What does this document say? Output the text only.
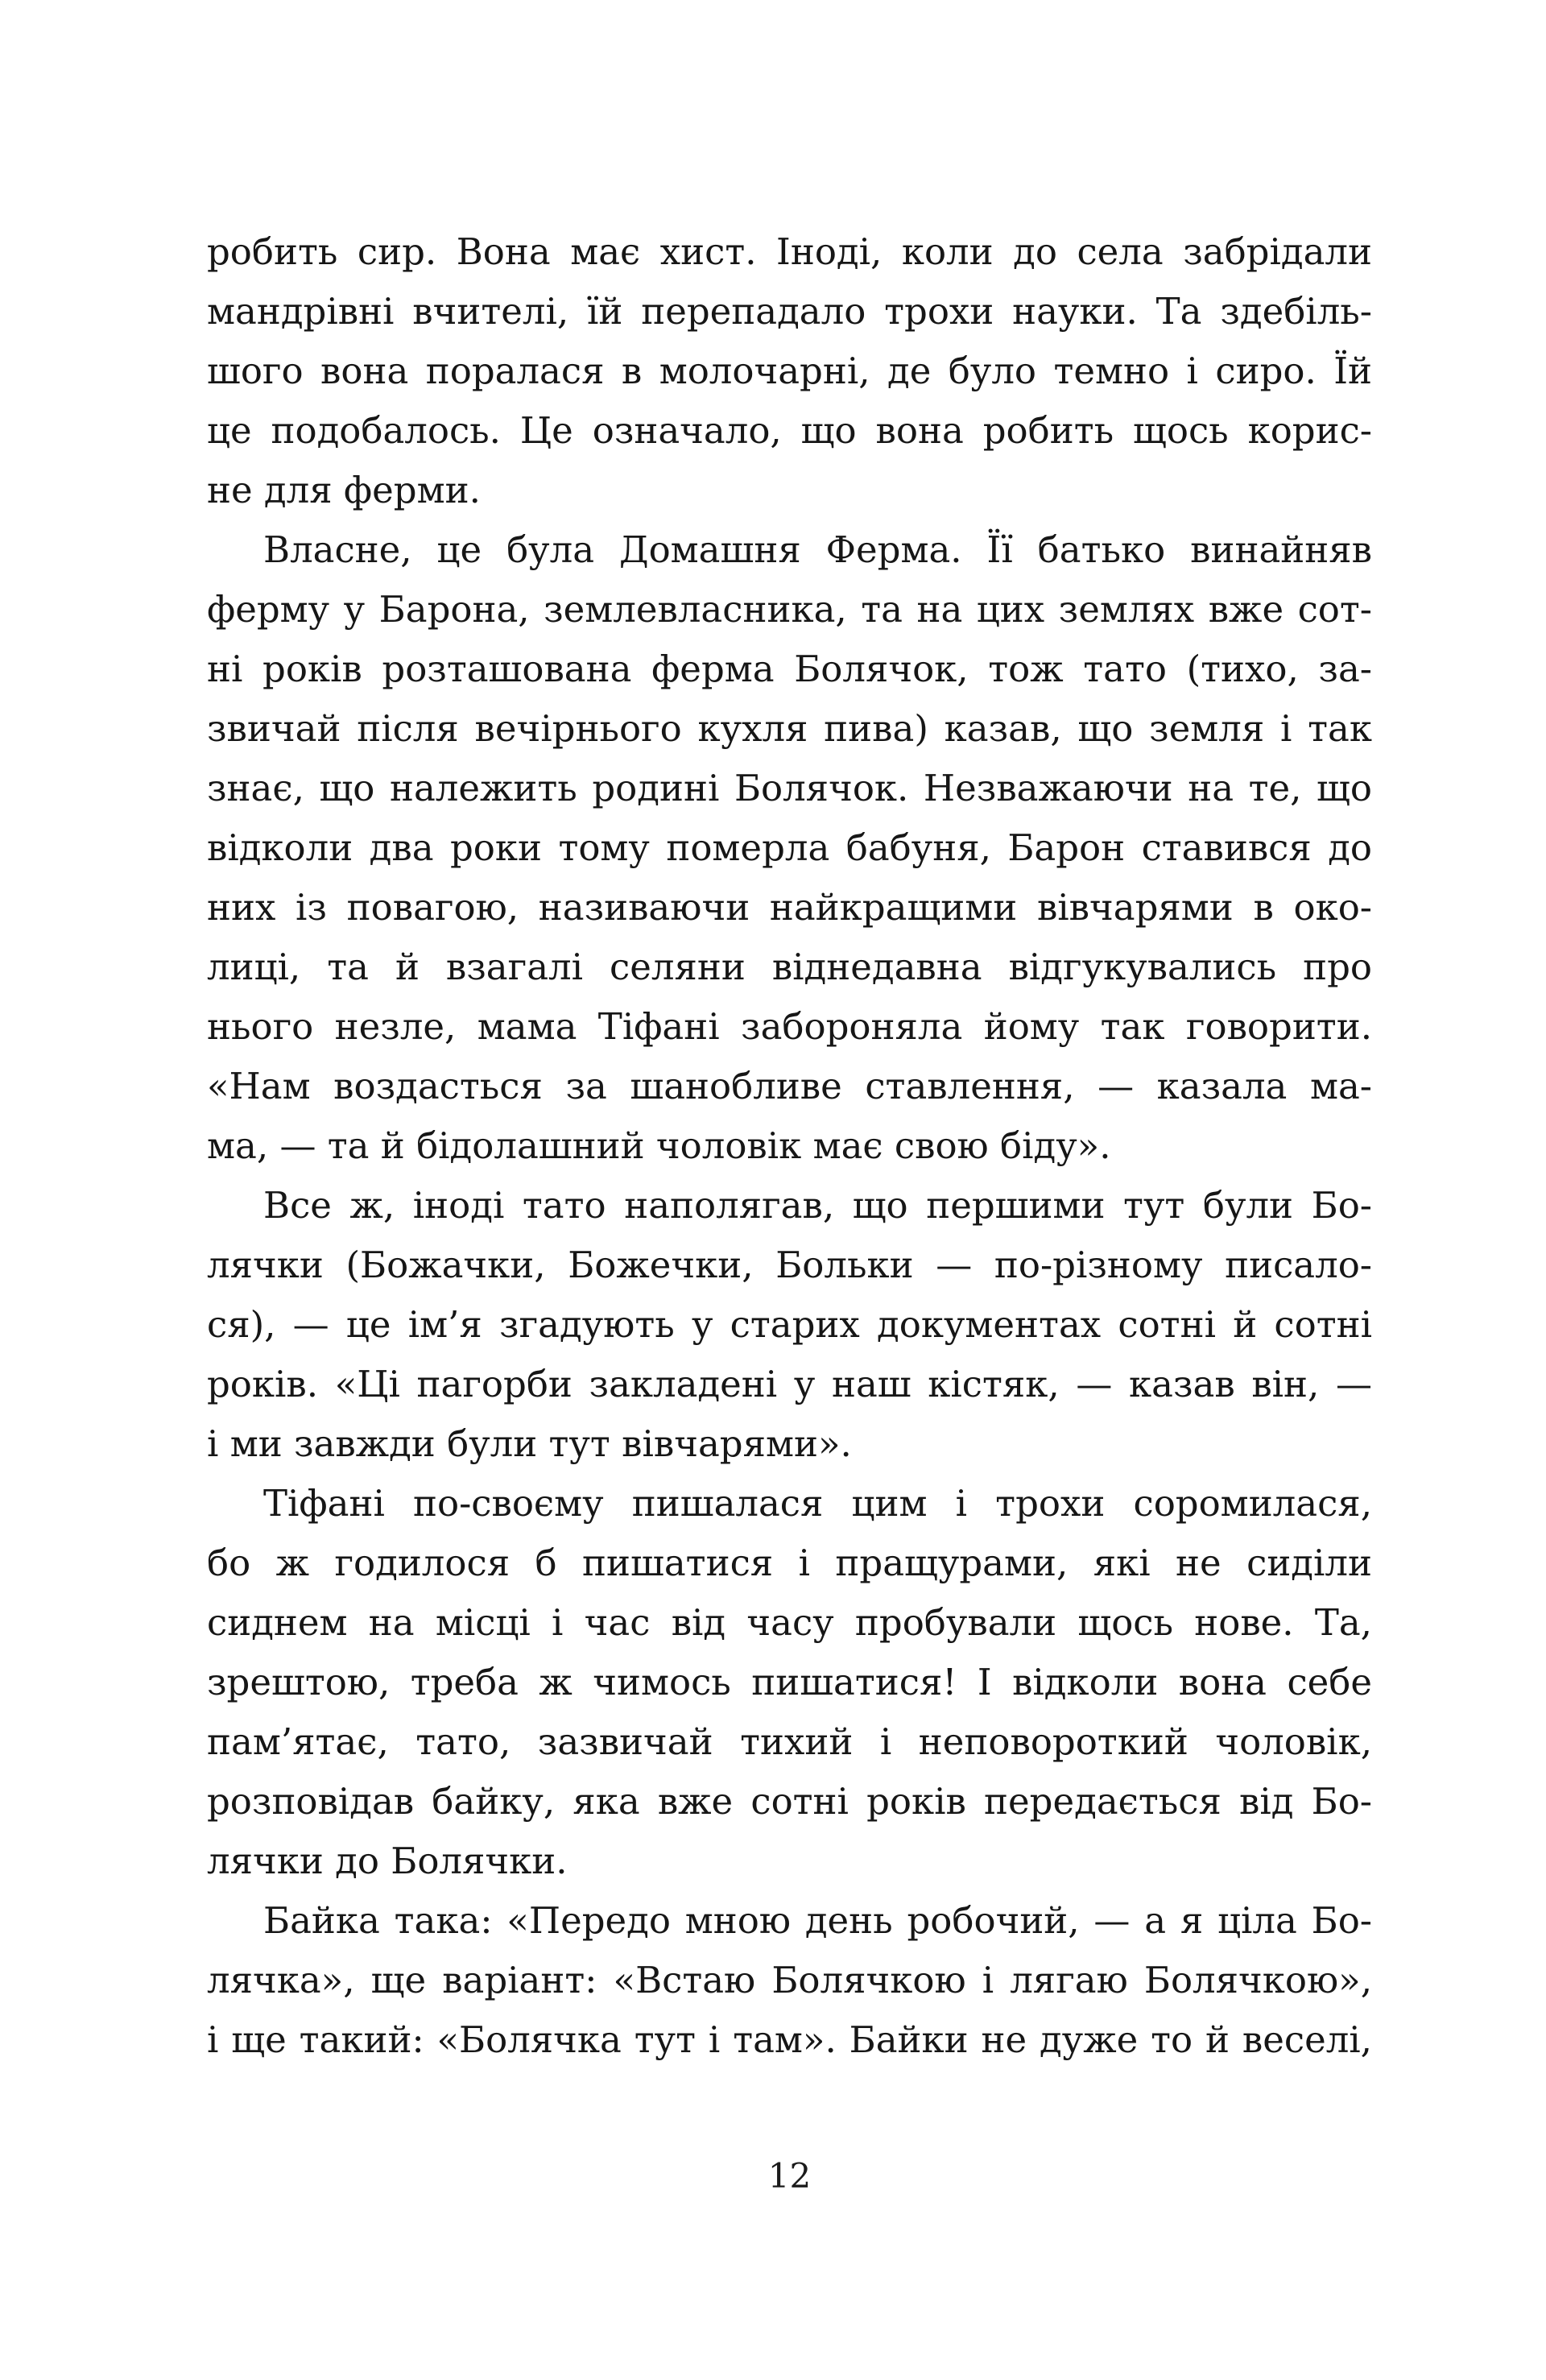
робить сир. Вона має хист. Іноді, коли до села забрідали
мандрівні вчителі, їй перепадало трохи науки. Та здебіль-
шого вона поралася в молочарні, де було темно і сиро. Їй
це подобалось. Це означало, що вона робить щось корис-
не для ферми.
Власне, це була Домашня Ферма. Її батько винайняв
ферму у Барона, землевласника, та на цих землях вже сот-
ні років розташована ферма Болячок, тож тато (тихо, за-
звичай після вечірнього кухля пива) казав, що земля і так
знає, що належить родині Болячок. Незважаючи на те, що
відколи два роки тому померла бабуня, Барон ставився до
них із повагою, називаючи найкращими вівчарями в око-
лиці, та й взагалі селяни віднедавна відгукувались про
нього незле, мама Тіфані забороняла йому так говорити.
«Нам воздасться за шанобливе ставлення, — казала ма-
ма, — та й бідолашний чоловік має свою біду».
Все ж, іноді тато наполягав, що першими тут були Бо-
лячки (Божачки, Божечки, Больки — по-різному писало-
ся), — це ім’я згадують у старих документах сотні й сотні
років. «Ці пагорби закладені у наш кістяк, — казав він, —
і ми завжди були тут вівчарями».
Тіфані по-своєму пишалася цим і трохи соромилася,
бо ж годилося б пишатися і пращурами, які не сиділи
сиднем на місці і час від часу пробували щось нове. Та,
зрештою, треба ж чимось пишатися! І відколи вона себе
пам’ятає, тато, зазвичай тихий і неповороткий чоловік,
розповідав байку, яка вже сотні років передається від Бо-
лячки до Болячки.
Байка така: «Передо мною день робочий, — а я ціла Бо-
лячка», ще варіант: «Встаю Болячкою і лягаю Болячкою»,
і ще такий: «Болячка тут і там». Байки не дуже то й веселі,
12
